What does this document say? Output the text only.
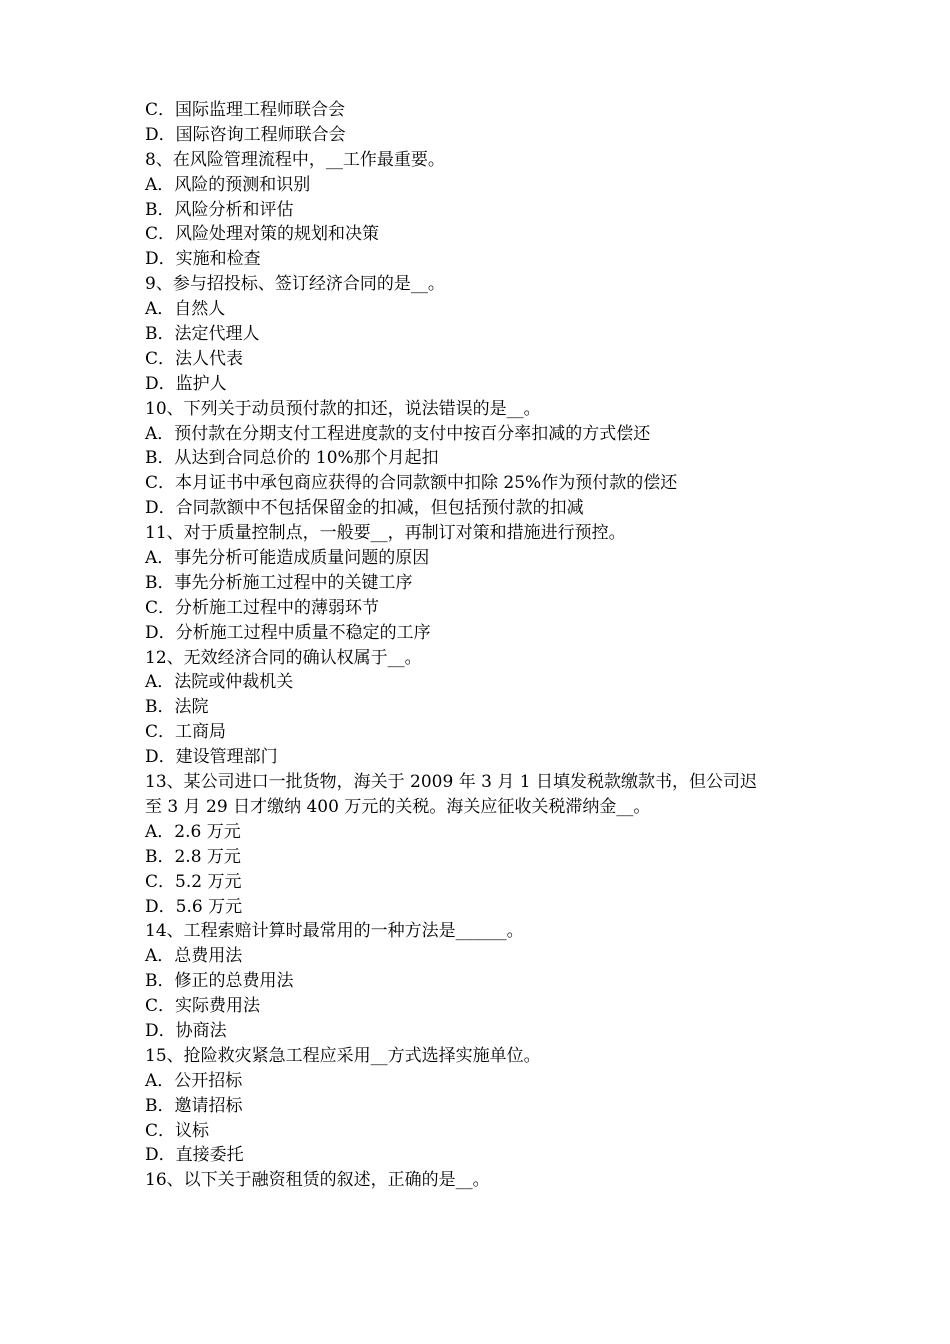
C．国际监理工程师联合会
D．国际咨询工程师联合会
8、在风险管理流程中，__工作最重要。
A．风险的预测和识别
B．风险分析和评估
C．风险处理对策的规划和决策
D．实施和检查
9、参与招投标、签订经济合同的是__。
A．自然人
B．法定代理人
C．法人代表
D．监护人
10、下列关于动员预付款的扣还，说法错误的是__。
A．预付款在分期支付工程进度款的支付中按百分率扣减的方式偿还
B．从达到合同总价的 10%那个月起扣
C．本月证书中承包商应获得的合同款额中扣除 25%作为预付款的偿还
D．合同款额中不包括保留金的扣减，但包括预付款的扣减
11、对于质量控制点，一般要__，再制订对策和措施进行预控。
A．事先分析可能造成质量问题的原因
B．事先分析施工过程中的关键工序
C．分析施工过程中的薄弱环节
D．分析施工过程中质量不稳定的工序
12、无效经济合同的确认权属于__。
A．法院或仲裁机关
B．法院
C．工商局
D．建设管理部门
13、某公司进口一批货物，海关于 2009 年 3 月 1 日填发税款缴款书，但公司迟
至 3 月 29 日才缴纳 400 万元的关税。海关应征收关税滞纳金__。
A．2.6 万元
B．2.8 万元
C．5.2 万元
D．5.6 万元
14、工程索赔计算时最常用的一种方法是______。
A．总费用法
B．修正的总费用法
C．实际费用法
D．协商法
15、抢险救灾紧急工程应采用__方式选择实施单位。
A．公开招标
B．邀请招标
C．议标
D．直接委托
16、以下关于融资租赁的叙述，正确的是__。
